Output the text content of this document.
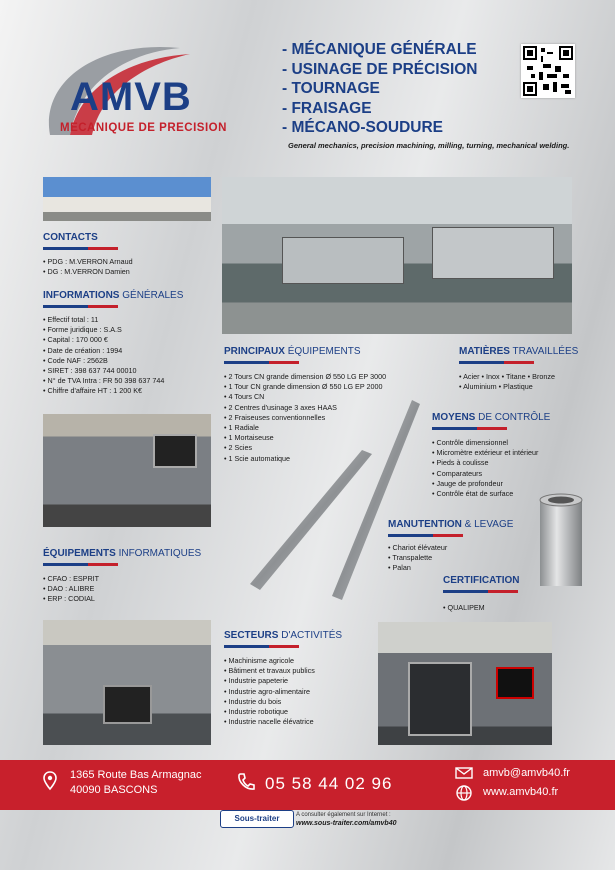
AMVB
MECANIQUE DE PRECISION
- MÉCANIQUE GÉNÉRALE
- USINAGE DE PRÉCISION
- TOURNAGE
- FRAISAGE
- MÉCANO-SOUDURE
General mechanics, precision machining, milling, turning, mechanical welding.
CONTACTS
• PDG : M.VERRON Arnaud
• DG : M.VERRON Damien
INFORMATIONS GÉNÉRALES
• Effectif total : 11
• Forme juridique : S.A.S
• Capital : 170 000 €
• Date de création : 1994
• Code NAF : 2562B
• SIRET : 398 637 744 00010
• N° de TVA Intra : FR 50 398 637 744
• Chiffre d'affaire HT : 1 200 K€
ÉQUIPEMENTS INFORMATIQUES
• CFAO : ESPRIT
• DAO : ALIBRE
• ERP : CODIAL
PRINCIPAUX ÉQUIPEMENTS
• 2 Tours CN grande dimension Ø 550 LG EP 3000
• 1 Tour CN grande dimension Ø 550 LG EP 2000
• 4 Tours CN
• 2 Centres d'usinage 3 axes HAAS
• 2 Fraiseuses conventionnelles
• 1 Radiale
• 1 Mortaiseuse
• 2 Scies
• 1 Scie automatique
MATIÈRES TRAVAILLÉES
• Acier • Inox • Titane • Bronze
• Aluminium • Plastique
MOYENS DE CONTRÔLE
• Contrôle dimensionnel
• Micromètre extérieur et intérieur
• Pieds à coulisse
• Comparateurs
• Jauge de profondeur
• Contrôle état de surface
MANUTENTION & LEVAGE
• Chariot élévateur
• Transpalette
• Palan
CERTIFICATION
• QUALIPEM
SECTEURS D'ACTIVITÉS
• Machinisme agricole
• Bâtiment et travaux publics
• Industrie papeterie
• Industrie agro-alimentaire
• Industrie du bois
• Industrie robotique
• Industrie nacelle élévatrice
1365 Route Bas Armagnac
40090 BASCONS	05 58 44 02 96
amvb@amvb40.fr
www.amvb40.fr
Sous-traiter	A consulter également sur Internet :
www.sous-traiter.com/amvb40
